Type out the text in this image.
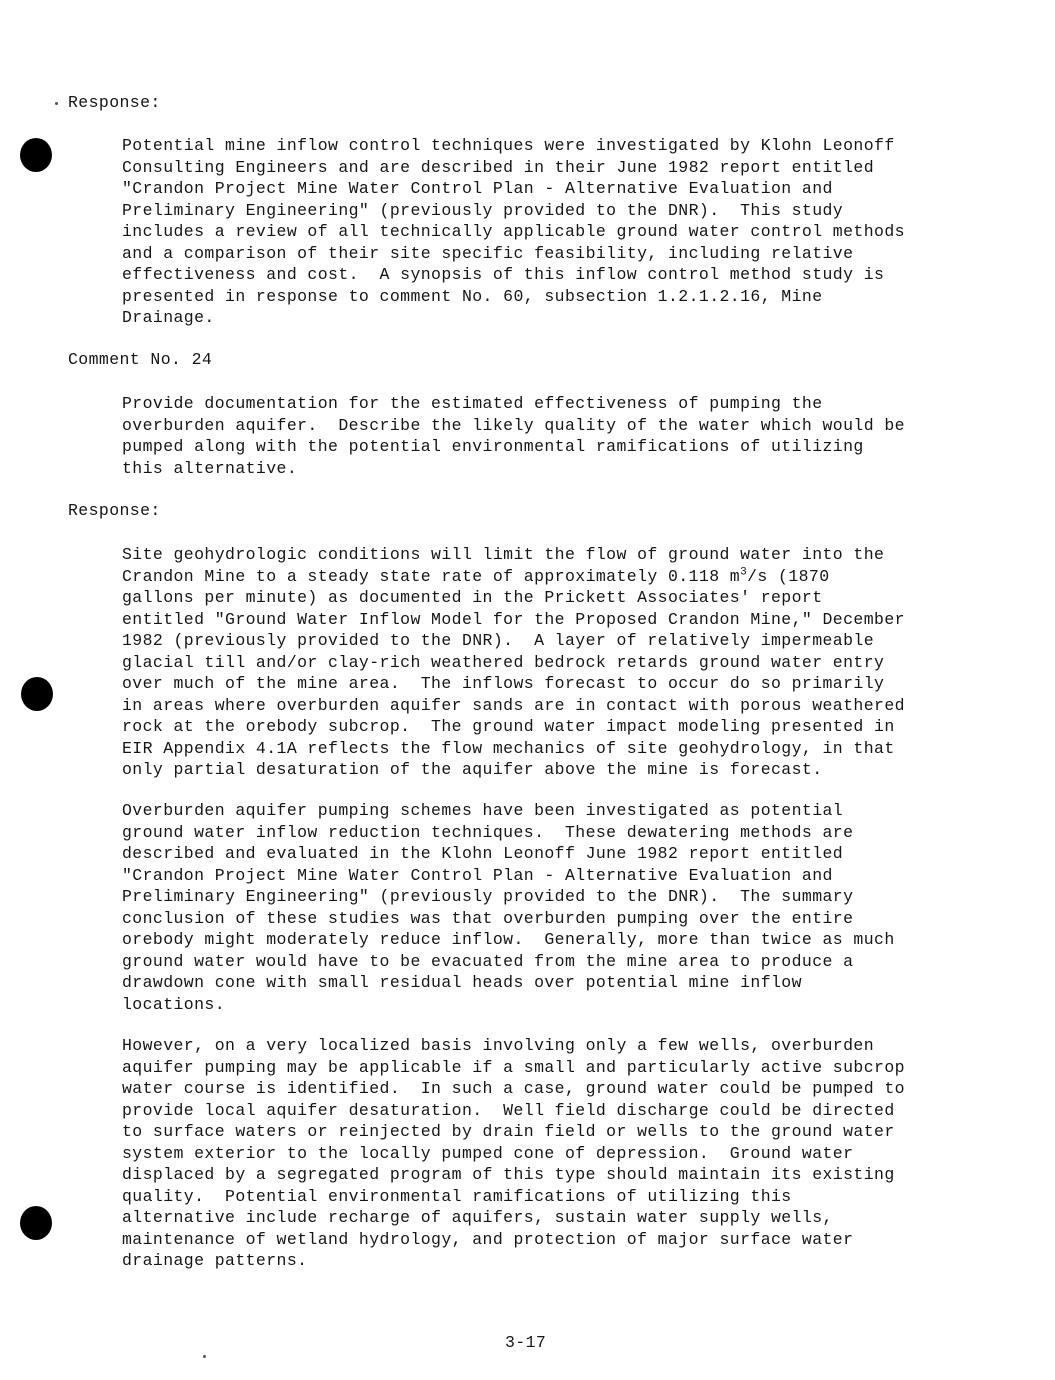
Response:

Potential mine inflow control techniques were investigated by Klohn Leonoff
Consulting Engineers and are described in their June 1982 report entitled
"Crandon Project Mine Water Control Plan - Alternative Evaluation and
Preliminary Engineering" (previously provided to the DNR).  This study
includes a review of all technically applicable ground water control methods
and a comparison of their site specific feasibility, including relative
effectiveness and cost.  A synopsis of this inflow control method study is
presented in response to comment No. 60, subsection 1.2.1.2.16, Mine
Drainage.

Comment No. 24

Provide documentation for the estimated effectiveness of pumping the
overburden aquifer.  Describe the likely quality of the water which would be
pumped along with the potential environmental ramifications of utilizing
this alternative.

Response:

Site geohydrologic conditions will limit the flow of ground water into the
Crandon Mine to a steady state rate of approximately 0.118 $m^3/s$ (1870
gallons per minute) as documented in the Prickett Associates' report
entitled "Ground Water Inflow Model for the Proposed Crandon Mine," December
1982 (previously provided to the DNR).  A layer of relatively impermeable
glacial till and/or clay-rich weathered bedrock retards ground water entry
over much of the mine area.  The inflows forecast to occur do so primarily
in areas where overburden aquifer sands are in contact with porous weathered
rock at the orebody subcrop.  The ground water impact modeling presented in
EIR Appendix 4.1A reflects the flow mechanics of site geohydrology, in that
only partial desaturation of the aquifer above the mine is forecast.
Overburden aquifer pumping schemes have been investigated as potential
ground water inflow reduction techniques.  These dewatering methods are
described and evaluated in the Klohn Leonoff June 1982 report entitled
"Crandon Project Mine Water Control Plan - Alternative Evaluation and
Preliminary Engineering" (previously provided to the DNR).  The summary
conclusion of these studies was that overburden pumping over the entire
orebody might moderately reduce inflow.  Generally, more than twice as much
ground water would have to be evacuated from the mine area to produce a
drawdown cone with small residual heads over potential mine inflow
locations.
However, on a very localized basis involving only a few wells, overburden
aquifer pumping may be applicable if a small and particularly active subcrop
water course is identified.  In such a case, ground water could be pumped to
provide local aquifer desaturation.  Well field discharge could be directed
to surface waters or reinjected by drain field or wells to the ground water
system exterior to the locally pumped cone of depression.  Ground water
displaced by a segregated program of this type should maintain its existing
quality.  Potential environmental ramifications of utilizing this
alternative include recharge of aquifers, sustain water supply wells,
maintenance of wetland hydrology, and protection of major surface water
drainage patterns.
3-17
